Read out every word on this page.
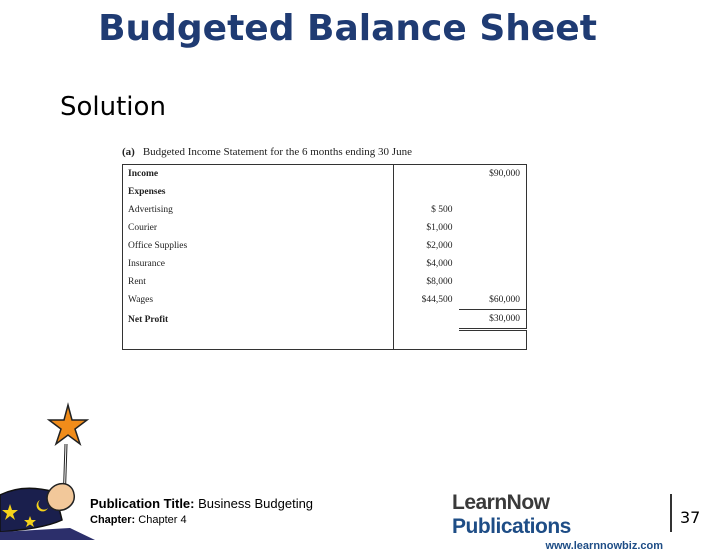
Budgeted Balance Sheet
Solution
(a) Budgeted Income Statement for the 6 months ending 30 June
Income		$90,000
Expenses		
Advertising	$ 500	
Courier	$1,000	
Office Supplies	$2,000	
Insurance	$4,000	
Rent	$8,000	
Wages	$44,500	$60,000
Net Profit		$30,000

Publication Title: Business Budgeting
Chapter: Chapter 4
LearnNow Publications
www.learnnowbiz.com
37
